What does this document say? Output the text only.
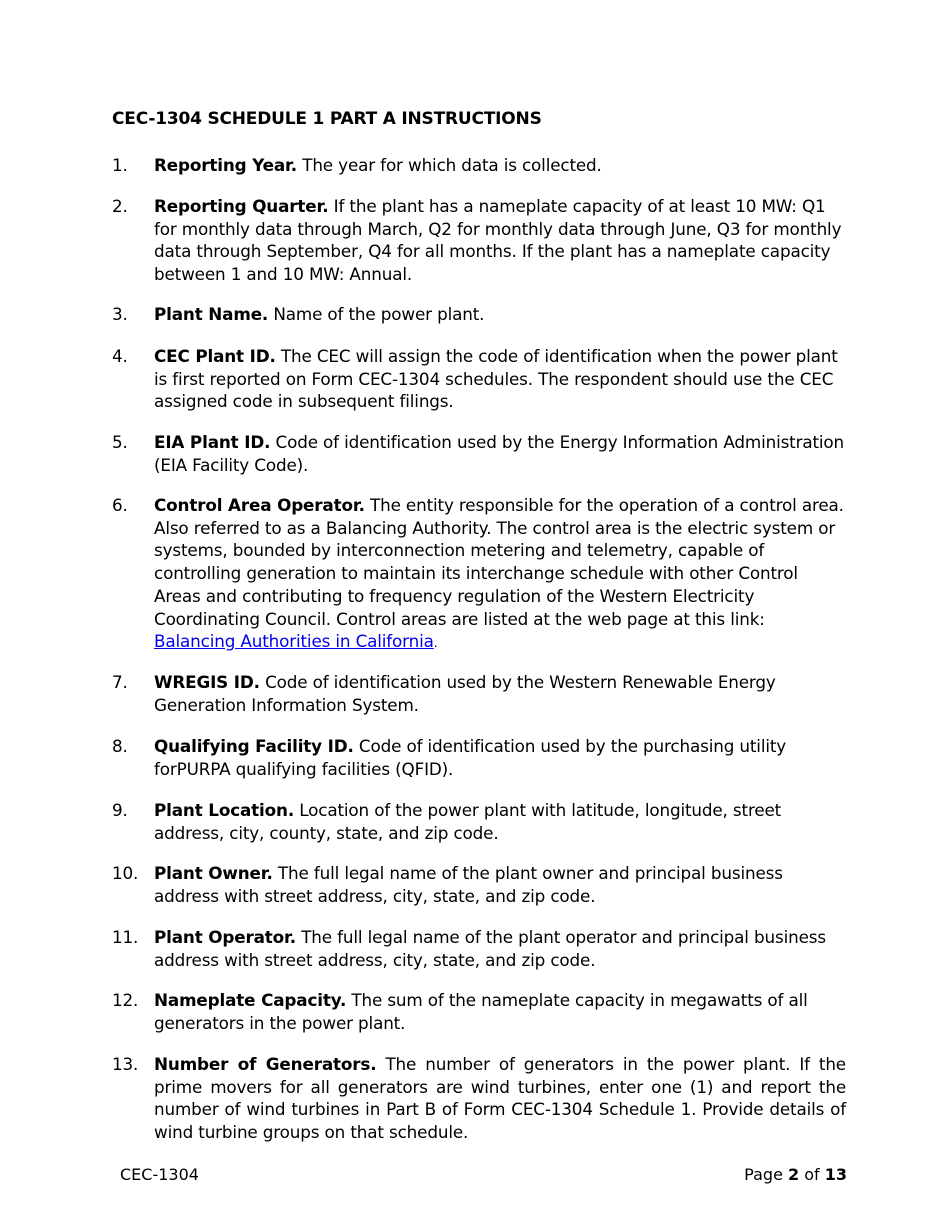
CEC-1304 SCHEDULE 1 PART A INSTRUCTIONS
1. Reporting Year. The year for which data is collected.
2. Reporting Quarter. If the plant has a nameplate capacity of at least 10 MW: Q1 for monthly data through March, Q2 for monthly data through June, Q3 for monthly data through September, Q4 for all months. If the plant has a nameplate capacity between 1 and 10 MW: Annual.
3. Plant Name. Name of the power plant.
4. CEC Plant ID. The CEC will assign the code of identification when the power plant is first reported on Form CEC-1304 schedules. The respondent should use the CEC assigned code in subsequent filings.
5. EIA Plant ID. Code of identification used by the Energy Information Administration (EIA Facility Code).
6. Control Area Operator. The entity responsible for the operation of a control area. Also referred to as a Balancing Authority. The control area is the electric system or systems, bounded by interconnection metering and telemetry, capable of controlling generation to maintain its interchange schedule with other Control Areas and contributing to frequency regulation of the Western Electricity Coordinating Council. Control areas are listed at the web page at this link: Balancing Authorities in California.
7. WREGIS ID. Code of identification used by the Western Renewable Energy Generation Information System.
8. Qualifying Facility ID. Code of identification used by the purchasing utility forPURPA qualifying facilities (QFID).
9. Plant Location. Location of the power plant with latitude, longitude, street address, city, county, state, and zip code.
10. Plant Owner. The full legal name of the plant owner and principal business address with street address, city, state, and zip code.
11. Plant Operator. The full legal name of the plant operator and principal business address with street address, city, state, and zip code.
12. Nameplate Capacity. The sum of the nameplate capacity in megawatts of all generators in the power plant.
13. Number of Generators. The number of generators in the power plant. If the prime movers for all generators are wind turbines, enter one (1) and report the number of wind turbines in Part B of Form CEC-1304 Schedule 1. Provide details of wind turbine groups on that schedule.
CEC-1304	Page 2 of 13
